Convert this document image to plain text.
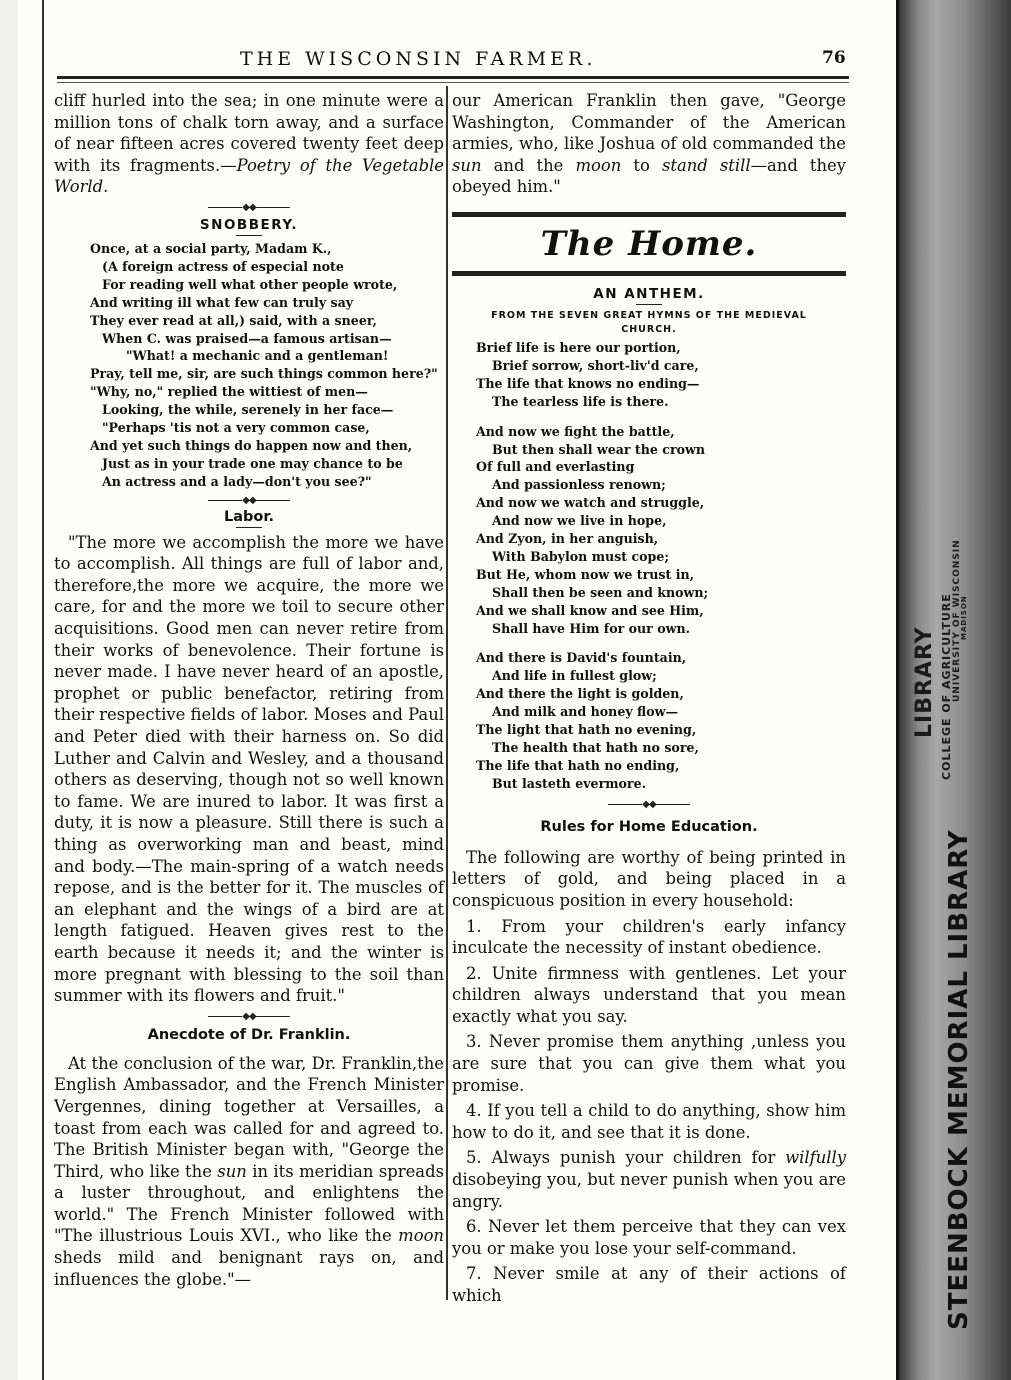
THE WISCONSIN FARMER.	76

cliff hurled into the sea; in one minute were a million tons of chalk torn away, and a surface of near fifteen acres covered twenty feet deep with its fragments.—Poetry of the Vegetable World.

◆◆

SNOBBERY.
Once, at a social party, Madam K.,
(A foreign actress of especial note
For reading well what other people wrote,
And writing ill what few can truly say
They ever read at all,) said, with a sneer,
When C. was praised—a famous artisan—
"What! a mechanic and a gentleman!
Pray, tell me, sir, are such things common here?"
"Why, no," replied the wittiest of men—
Looking, the while, serenely in her face—
"Perhaps 'tis not a very common case,
And yet such things do happen now and then,
Just as in your trade one may chance to be
An actress and a lady—don't you see?"

◆◆

Labor.

"The more we accomplish the more we have to accomplish. All things are full of labor and, therefore,the more we acquire, the more we care, for and the more we toil to secure other acquisitions. Good men can never retire from their works of benevolence. Their fortune is never made. I have never heard of an apostle, prophet or public benefactor, retiring from their respective fields of labor. Moses and Paul and Peter died with their harness on. So did Luther and Calvin and Wesley, and a thousand others as deserving, though not so well known to fame. We are inured to labor. It was first a duty, it is now a pleasure. Still there is such a thing as overworking man and beast, mind and body.—The main-spring of a watch needs repose, and is the better for it. The muscles of an elephant and the wings of a bird are at length fatigued. Heaven gives rest to the earth because it needs it; and the winter is more pregnant with blessing to the soil than summer with its flowers and fruit."

◆◆

Anecdote of Dr. Franklin.

At the conclusion of the war, Dr. Franklin,the English Ambassador, and the French Minister Vergennes, dining together at Versailles, a toast from each was called for and agreed to. The British Minister began with, "George the Third, who like the sun in its meridian spreads a luster throughout, and enlightens the world." The French Minister followed with "The illustrious Louis XVI., who like the moon sheds mild and benignant rays on, and influences the globe."—

our American Franklin then gave, "George Washington, Commander of the American armies, who, like Joshua of old commanded the sun and the moon to stand still—and they obeyed him."

The Home.
AN ANTHEM.
FROM THE SEVEN GREAT HYMNS OF THE MEDIEVAL
CHURCH.
Brief life is here our portion,
Brief sorrow, short-liv'd care,
The life that knows no ending—
The tearless life is there.
And now we fight the battle,
But then shall wear the crown
Of full and everlasting
And passionless renown;
And now we watch and struggle,
And now we live in hope,
And Zyon, in her anguish,
With Babylon must cope;
But He, whom now we trust in,
Shall then be seen and known;
And we shall know and see Him,
Shall have Him for our own.
And there is David's fountain,
And life in fullest glow;
And there the light is golden,
And milk and honey flow—
The light that hath no evening,
The health that hath no sore,
The life that hath no ending,
But lasteth evermore.

◆◆

Rules for Home Education.

The following are worthy of being printed in letters of gold, and being placed in a conspicuous position in every household:

1. From your children's early infancy inculcate the necessity of instant obedience.

2. Unite firmness with gentlenes. Let your children always understand that you mean exactly what you say.

3. Never promise them anything ,unless you are sure that you can give them what you promise.

4. If you tell a child to do anything, show him how to do it, and see that it is done.

5. Always punish your children for wilfully disobeying you, but never punish when you are angry.

6. Never let them perceive that they can vex you or make you lose your self-command.

7. Never smile at any of their actions of which

LIBRARY COLLEGE OF AGRICULTURE UNIVERSITY OF WISCONSIN
MADISON
STEENBOCK MEMORIAL LIBRARY
